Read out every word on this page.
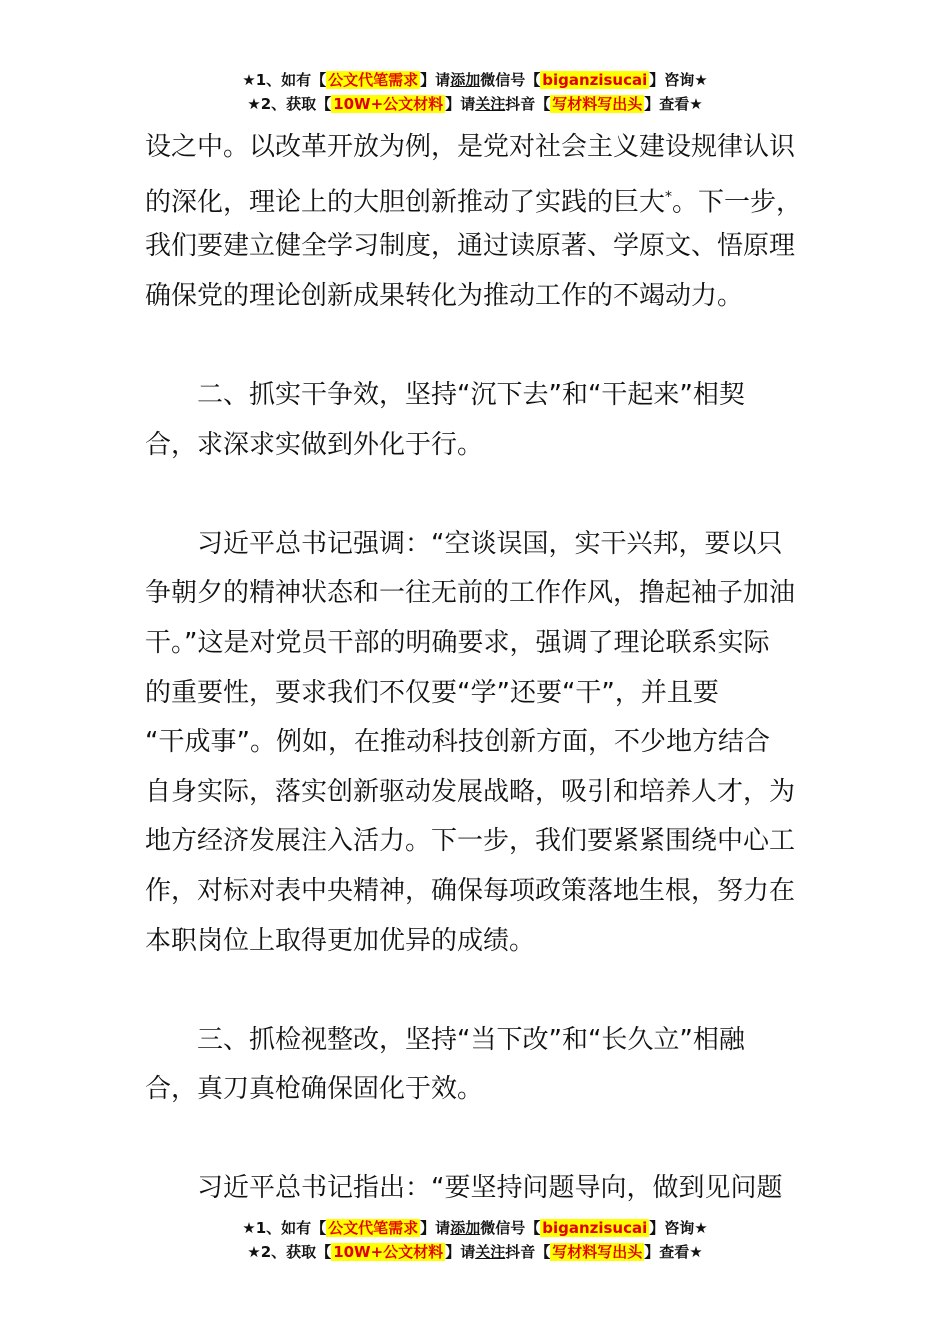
★1、如有【 公文代笔需求 】请添加微信号【 biganzisucai 】咨询★
★2、获取【 10W+公文材料 】请关注抖音【 写材料写出头 】查看★
设之中。以改革开放为例，是党对社会主义建设规律认识
的深化，理论上的大胆创新推动了实践的巨大*。下一步，
我们要建立健全学习制度，通过读原著、学原文、悟原理
确保党的理论创新成果转化为推动工作的不竭动力。
　　二、抓实干争效，坚持“沉下去”和“干起来”相契
合，求深求实做到外化于行。
　　习近平总书记强调：“空谈误国，实干兴邦，要以只
争朝夕的精神状态和一往无前的工作作风，撸起袖子加油
干。”这是对党员干部的明确要求，强调了理论联系实际
的重要性，要求我们不仅要“学”还要“干”，并且要
“干成事”。例如，在推动科技创新方面，不少地方结合
自身实际，落实创新驱动发展战略，吸引和培养人才，为
地方经济发展注入活力。下一步，我们要紧紧围绕中心工
作，对标对表中央精神，确保每项政策落地生根，努力在
本职岗位上取得更加优异的成绩。
　　三、抓检视整改，坚持“当下改”和“长久立”相融
合，真刀真枪确保固化于效。
　　习近平总书记指出：“要坚持问题导向，做到见问题
★1、如有【 公文代笔需求 】请添加微信号【 biganzisucai 】咨询★
★2、获取【 10W+公文材料 】请关注抖音【 写材料写出头 】查看★
